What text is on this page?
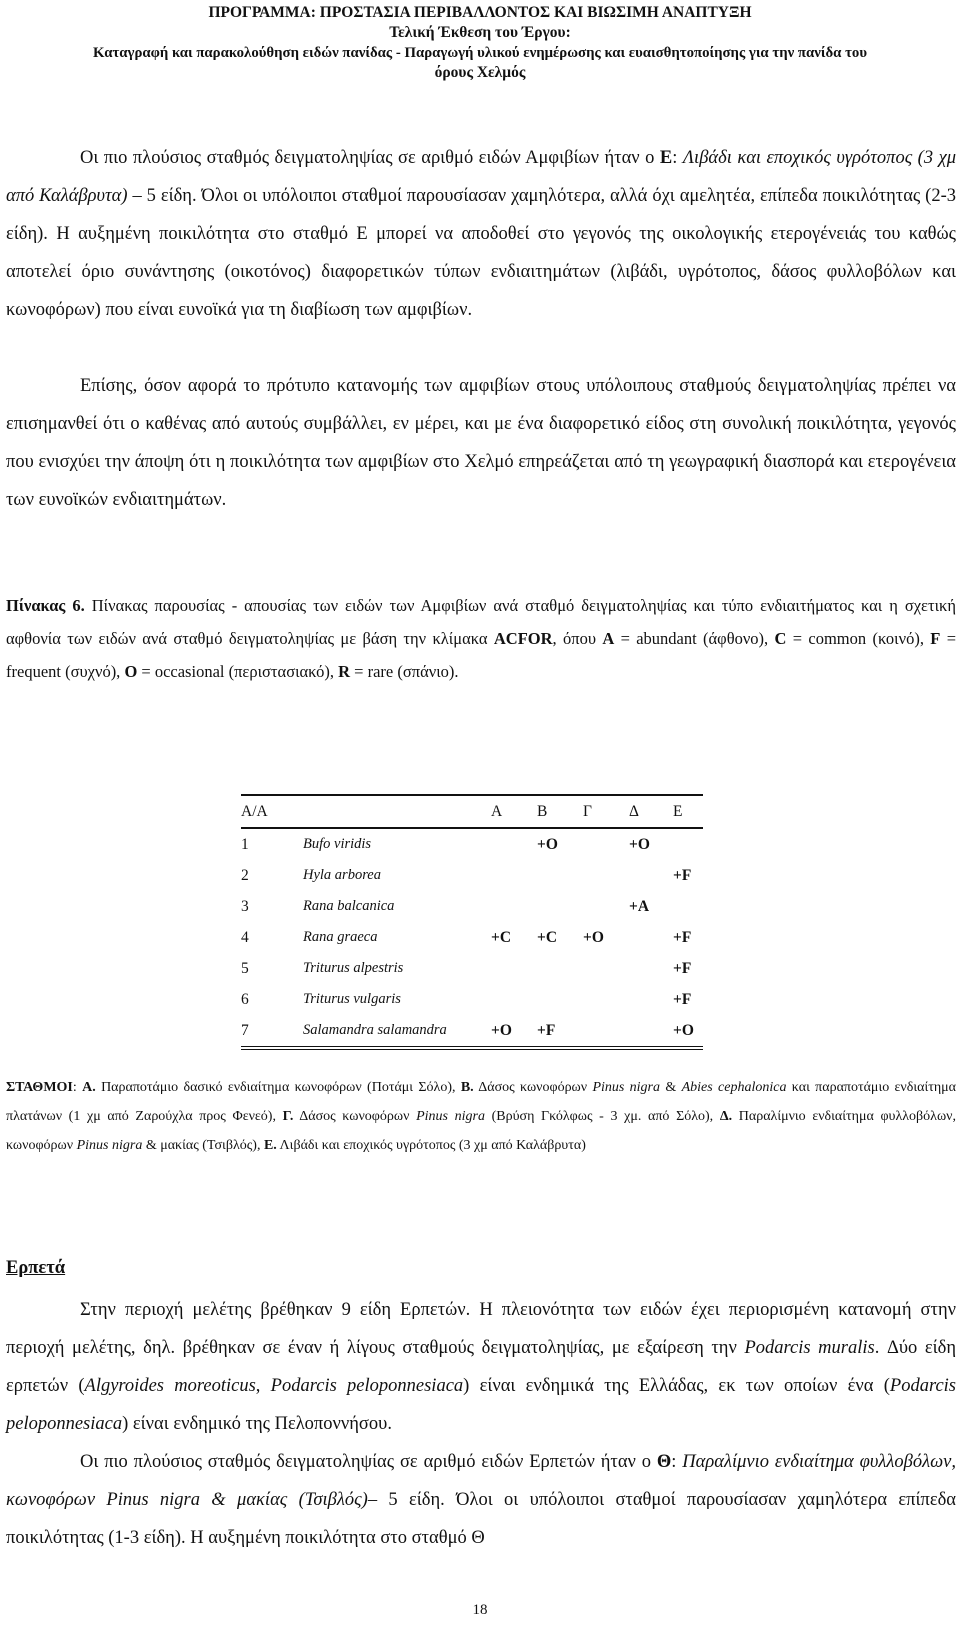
ΠΡΟΓΡΑΜΜΑ: ΠΡΟΣΤΑΣΙΑ ΠΕΡΙΒΑΛΛΟΝΤΟΣ ΚΑΙ ΒΙΩΣΙΜΗ ΑΝΑΠΤΥΞΗ
Τελική Έκθεση του Έργου:
Καταγραφή και παρακολούθηση ειδών πανίδας - Παραγωγή υλικού ενημέρωσης και ευαισθητοποίησης για την πανίδα του
όρους Χελμός
Οι πιο πλούσιος σταθμός δειγματοληψίας σε αριθμό ειδών Αμφιβίων ήταν ο Ε: Λιβάδι και εποχικός υγρότοπος (3 χμ από Καλάβρυτα) – 5 είδη. Όλοι οι υπόλοιποι σταθμοί παρουσίασαν χαμηλότερα, αλλά όχι αμελητέα, επίπεδα ποικιλότητας (2-3 είδη). Η αυξημένη ποικιλότητα στο σταθμό Ε μπορεί να αποδοθεί στο γεγονός της οικολογικής ετερογένειάς του καθώς αποτελεί όριο συνάντησης (οικοτόνος) διαφορετικών τύπων ενδιαιτημάτων (λιβάδι, υγρότοπος, δάσος φυλλοβόλων και κωνοφόρων) που είναι ευνοϊκά για τη διαβίωση των αμφιβίων.
Επίσης, όσον αφορά το πρότυπο κατανομής των αμφιβίων στους υπόλοιπους σταθμούς δειγματοληψίας πρέπει να επισημανθεί ότι ο καθένας από αυτούς συμβάλλει, εν μέρει, και με ένα διαφορετικό είδος στη συνολική ποικιλότητα, γεγονός που ενισχύει την άποψη ότι η ποικιλότητα των αμφιβίων στο Χελμό επηρεάζεται από τη γεωγραφική διασπορά και ετερογένεια των ευνοϊκών ενδιαιτημάτων.
Πίνακας 6. Πίνακας παρουσίας - απουσίας των ειδών των Αμφιβίων ανά σταθμό δειγματοληψίας και τύπο ενδιαιτήματος και η σχετική αφθονία των ειδών ανά σταθμό δειγματοληψίας με βάση την κλίμακα ACFOR, όπου A = abundant (άφθονο), C = common (κοινό), F = frequent (συχνό), O = occasional (περιστασιακό), R = rare (σπάνιο).
Α/Α		Α	Β	Γ	Δ	Ε
1	Bufo viridis		+O		+O	
2	Hyla arborea					+F
3	Rana balcanica				+A	
4	Rana graeca	+C	+C	+O		+F
5	Triturus alpestris					+F
6	Triturus vulgaris					+F
7	Salamandra salamandra	+O	+F			+O
ΣΤΑΘΜΟΙ: Α. Παραποτάμιο δασικό ενδιαίτημα κωνοφόρων (Ποτάμι Σόλο), Β. Δάσος κωνοφόρων Pinus nigra & Abies cephalonica και παραποτάμιο ενδιαίτημα πλατάνων (1 χμ από Ζαρούχλα προς Φενεό), Γ. Δάσος κωνοφόρων Pinus nigra (Βρύση Γκόλφως - 3 χμ. από Σόλο), Δ. Παραλίμνιο ενδιαίτημα φυλλοβόλων, κωνοφόρων Pinus nigra & μακίας (Τσιβλός), Ε. Λιβάδι και εποχικός υγρότοπος (3 χμ από Καλάβρυτα)
Ερπετά
Στην περιοχή μελέτης βρέθηκαν 9 είδη Ερπετών. Η πλειονότητα των ειδών έχει περιορισμένη κατανομή στην περιοχή μελέτης, δηλ. βρέθηκαν σε έναν ή λίγους σταθμούς δειγματοληψίας, με εξαίρεση την Podarcis muralis. Δύο είδη ερπετών (Algyroides moreoticus, Podarcis peloponnesiaca) είναι ενδημικά της Ελλάδας, εκ των οποίων ένα (Podarcis peloponnesiaca) είναι ενδημικό της Πελοποννήσου.
Οι πιο πλούσιος σταθμός δειγματοληψίας σε αριθμό ειδών Ερπετών ήταν ο Θ: Παραλίμνιο ενδιαίτημα φυλλοβόλων, κωνοφόρων Pinus nigra & μακίας (Τσιβλός)– 5 είδη. Όλοι οι υπόλοιποι σταθμοί παρουσίασαν χαμηλότερα επίπεδα ποικιλότητας (1-3 είδη). Η αυξημένη ποικιλότητα στο σταθμό Θ
18
